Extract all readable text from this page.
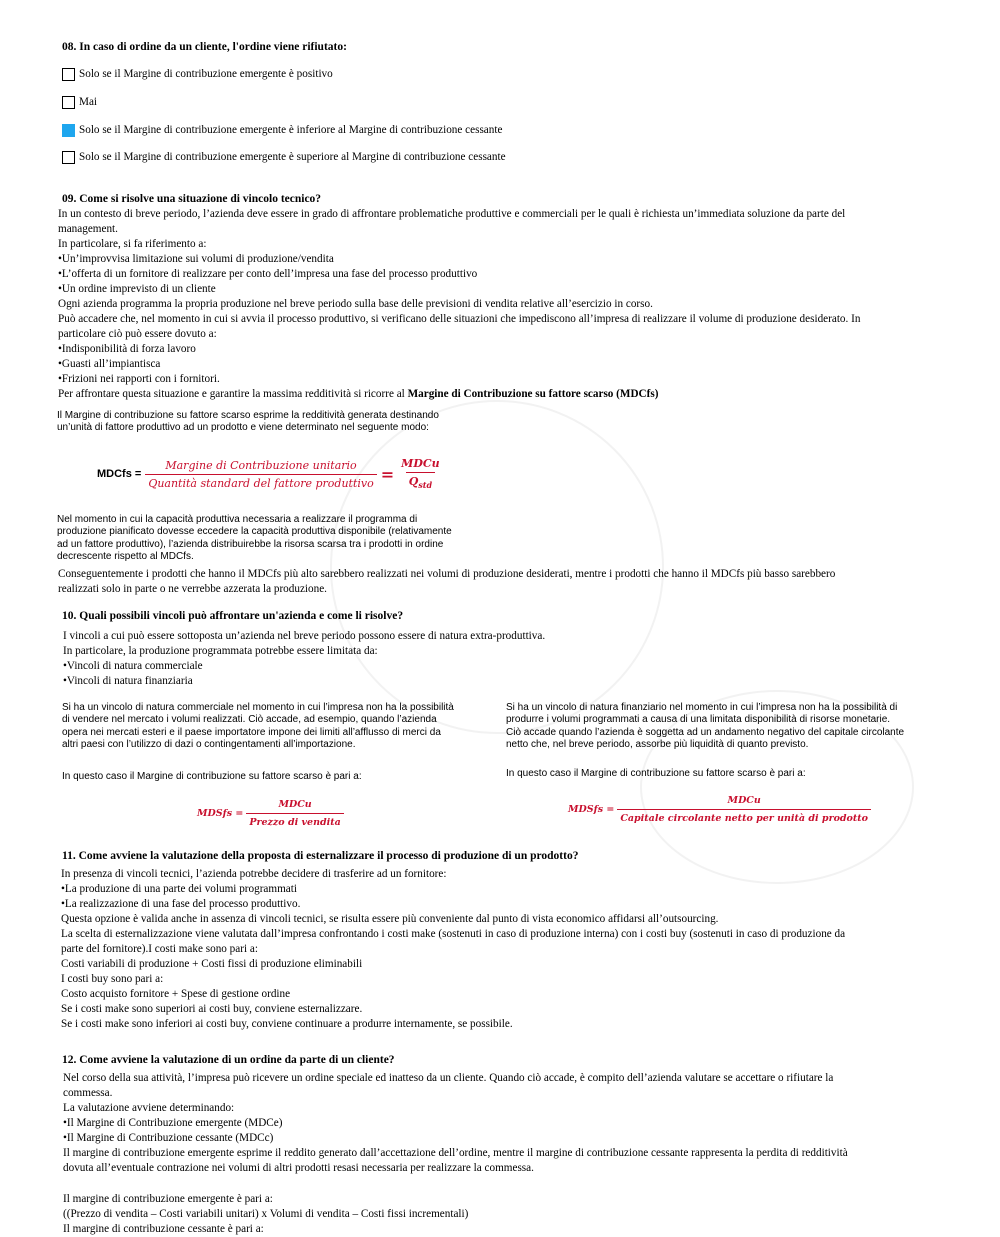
08. In caso di ordine da un cliente, l'ordine viene rifiutato:
Solo se il Margine di contribuzione emergente è positivo
Mai
Solo se il Margine di contribuzione emergente è inferiore al Margine di contribuzione cessante
Solo se il Margine di contribuzione emergente è superiore al Margine di contribuzione cessante
09. Come si risolve una situazione di vincolo tecnico?

In un contesto di breve periodo, l’azienda deve essere in grado di affrontare problematiche produttive e commerciali per le quali è richiesta un’immediata soluzione da parte del

management.

In particolare, si fa riferimento a:

•Un’improvvisa limitazione sui volumi di produzione/vendita

•L’offerta di un fornitore di realizzare per conto dell’impresa una fase del processo produttivo

•Un ordine imprevisto di un cliente

Ogni azienda programma la propria produzione nel breve periodo sulla base delle previsioni di vendita relative all’esercizio in corso.

Può accadere che, nel momento in cui si avvia il processo produttivo, si verificano delle situazioni che impediscono all’impresa di realizzare il volume di produzione desiderato. In

particolare ciò può essere dovuto a:

•Indisponibilità di forza lavoro

•Guasti all’impiantisca

•Frizioni nei rapporti con i fornitori.

Per affrontare questa situazione e garantire la massima redditività si ricorre al Margine di Contribuzione su fattore scarso (MDCfs)

Il Margine di contribuzione su fattore scarso esprime la redditività generata destinando
un’unità di fattore produttivo ad un prodotto e viene determinato nel seguente modo:
MDCfs = $\frac{\text{Margine di Contribuzione unitario}}{\text{Quantità standard del fattore produttivo}} = \frac{\text{MDCu}}{Q_{std}}$
Nel momento in cui la capacità produttiva necessaria a realizzare il programma di
produzione pianificato dovesse eccedere la capacità produttiva disponibile (relativamente
ad un fattore produttivo), l’azienda distribuirebbe la risorsa scarsa tra i prodotti in ordine
decrescente rispetto al MDCfs.

Conseguentemente i prodotti che hanno il MDCfs più alto sarebbero realizzati nei volumi di produzione desiderati, mentre i prodotti che hanno il MDCfs più basso sarebbero

realizzati solo in parte o ne verrebbe azzerata la produzione.

10. Quali possibili vincoli può affrontare un'azienda e come li risolve?

I vincoli a cui può essere sottoposta un’azienda nel breve periodo possono essere di natura extra-produttiva.

In particolare, la produzione programmata potrebbe essere limitata da:

•Vincoli di natura commerciale

•Vincoli di natura finanziaria

Si ha un vincolo di natura commerciale nel momento in cui l’impresa non ha la possibilità
di vendere nel mercato i volumi realizzati. Ciò accade, ad esempio, quando l’azienda
opera nei mercati esteri e il paese importatore impone dei limiti all’afflusso di merci da
altri paesi con l’utilizzo di dazi o contingentamenti all’importazione.
In questo caso il Margine di contribuzione su fattore scarso è pari a:
MDSfs = $\frac{\text{MDCu}}{\text{Prezzo di vendita}}$
Si ha un vincolo di natura finanziario nel momento in cui l’impresa non ha la possibilità di
produrre i volumi programmati a causa di una limitata disponibilità di risorse monetarie.
Ciò accade quando l’azienda è soggetta ad un andamento negativo del capitale circolante
netto che, nel breve periodo, assorbe più liquidità di quanto previsto.
In questo caso il Margine di contribuzione su fattore scarso è pari a:
MDSfs = $\frac{\text{MDCu}}{\text{Capitale circolante netto per unità di prodotto}}$
11. Come avviene la valutazione della proposta di esternalizzare il processo di produzione di un prodotto?

In presenza di vincoli tecnici, l’azienda potrebbe decidere di trasferire ad un fornitore:

•La produzione di una parte dei volumi programmati

•La realizzazione di una fase del processo produttivo.

Questa opzione è valida anche in assenza di vincoli tecnici, se risulta essere più conveniente dal punto di vista economico affidarsi all’outsourcing.

La scelta di esternalizzazione viene valutata dall’impresa confrontando i costi make (sostenuti in caso di produzione interna) con i costi buy (sostenuti in caso di produzione da

parte del fornitore).I costi make sono pari a:

Costi variabili di produzione + Costi fissi di produzione eliminabili

I costi buy sono pari a:

Costo acquisto fornitore + Spese di gestione ordine

Se i costi make sono superiori ai costi buy, conviene esternalizzare.

Se i costi make sono inferiori ai costi buy, conviene continuare a produrre internamente, se possibile.

12. Come avviene la valutazione di un ordine da parte di un cliente?

Nel corso della sua attività, l’impresa può ricevere un ordine speciale ed inatteso da un cliente. Quando ciò accade, è compito dell’azienda valutare se accettare o rifiutare la

commessa.

La valutazione avviene determinando:

•Il Margine di Contribuzione emergente (MDCe)

•Il Margine di Contribuzione cessante (MDCc)

Il margine di contribuzione emergente esprime il reddito generato dall’accettazione dell’ordine, mentre il margine di contribuzione cessante rappresenta la perdita di redditività

dovuta all’eventuale contrazione nei volumi di altri prodotti resasi necessaria per realizzare la commessa.

Il margine di contribuzione emergente è pari a:

((Prezzo di vendita – Costi variabili unitari) x Volumi di vendita – Costi fissi incrementali)

Il margine di contribuzione cessante è pari a:
